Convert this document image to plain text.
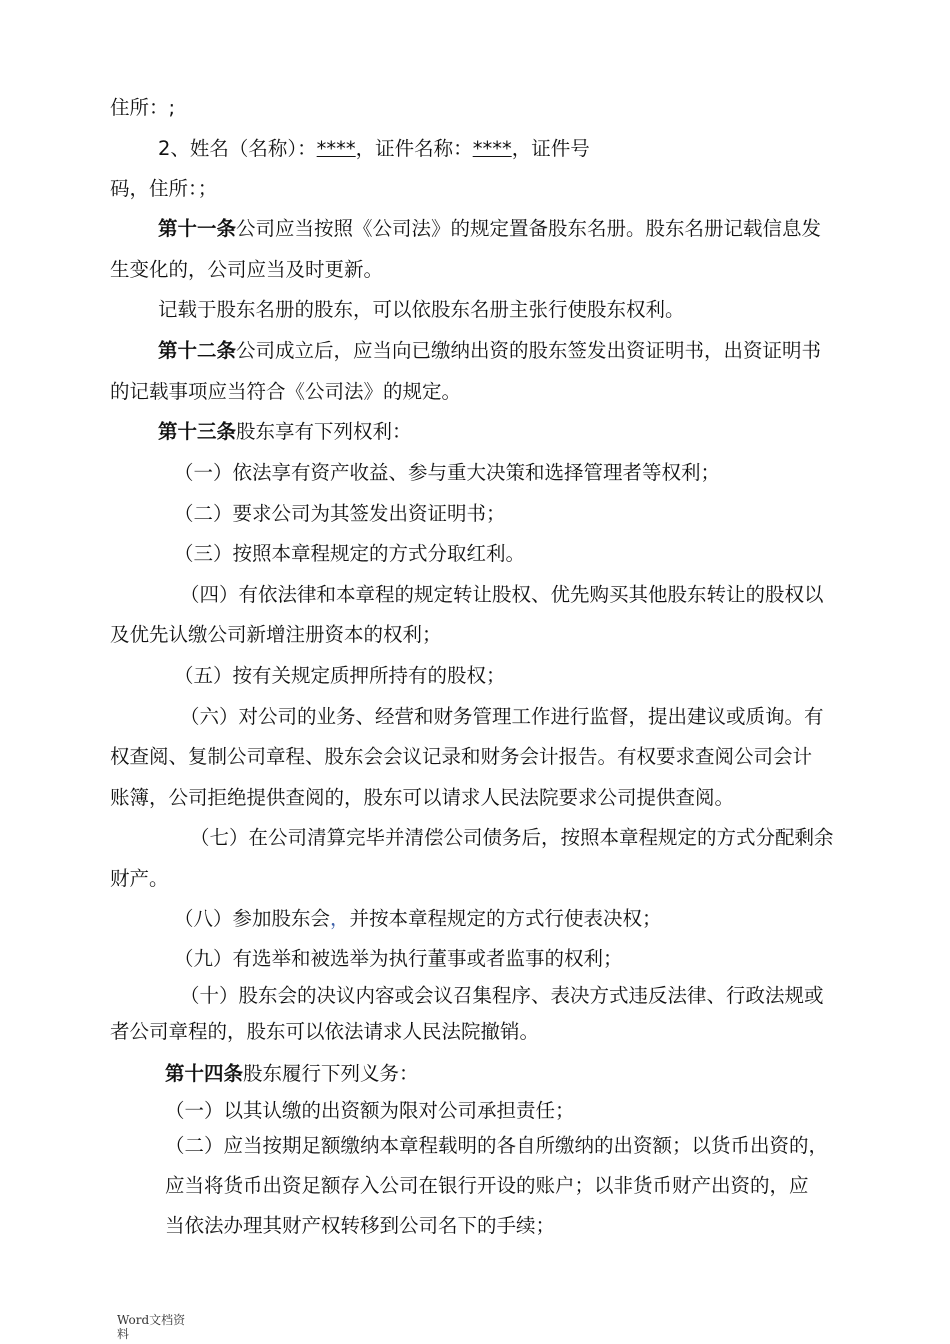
住所：;
2、姓名（名称）：****，证件名称：****，证件号
码，住所：；
第十一条公司应当按照《公司法》的规定置备股东名册。股东名册记载信息发
生变化的，公司应当及时更新。
记载于股东名册的股东，可以依股东名册主张行使股东权利。
第十二条公司成立后，应当向已缴纳出资的股东签发出资证明书，出资证明书
的记载事项应当符合《公司法》的规定。
第十三条股东享有下列权利：
（一）依法享有资产收益、参与重大决策和选择管理者等权利；
（二）要求公司为其签发出资证明书；
（三）按照本章程规定的方式分取红利。
（四）有依法律和本章程的规定转让股权、优先购买其他股东转让的股权以
及优先认缴公司新增注册资本的权利；
（五）按有关规定质押所持有的股权；
（六）对公司的业务、经营和财务管理工作进行监督，提出建议或质询。有
权查阅、复制公司章程、股东会会议记录和财务会计报告。有权要求查阅公司会计
账簿，公司拒绝提供查阅的，股东可以请求人民法院要求公司提供查阅。
（七）在公司清算完毕并清偿公司债务后，按照本章程规定的方式分配剩余
财产。
（八）参加股东会，并按本章程规定的方式行使表决权；
（九）有选举和被选举为执行董事或者监事的权利；
（十）股东会的决议内容或会议召集程序、表决方式违反法律、行政法规或
者公司章程的，股东可以依法请求人民法院撤销。
第十四条股东履行下列义务：
（一）以其认缴的出资额为限对公司承担责任；
（二）应当按期足额缴纳本章程载明的各自所缴纳的出资额；以货币出资的，
应当将货币出资足额存入公司在银行开设的账户；以非货币财产出资的，应
当依法办理其财产权转移到公司名下的手续；
Word文档资料
